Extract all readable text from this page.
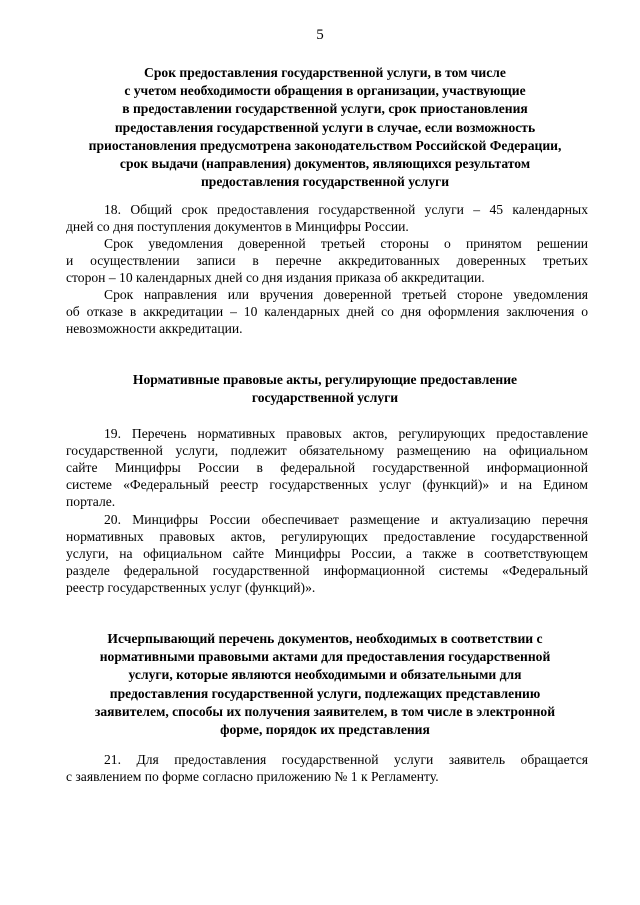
5
Срок предоставления государственной услуги, в том числе
с учетом необходимости обращения в организации, участвующие
в предоставлении государственной услуги, срок приостановления
предоставления государственной услуги в случае, если возможность
приостановления предусмотрена законодательством Российской Федерации,
срок выдачи (направления) документов, являющихся результатом
предоставления государственной услуги
18. Общий срок предоставления государственной услуги – 45 календарных
дней со дня поступления документов в Минцифры России.
Срок уведомления доверенной третьей стороны о принятом решении
и осуществлении записи в перечне аккредитованных доверенных третьих
сторон – 10 календарных дней со дня издания приказа об аккредитации.
Срок направления или вручения доверенной третьей стороне уведомления
об отказе в аккредитации – 10 календарных дней со дня оформления заключения о
невозможности аккредитации.
Нормативные правовые акты, регулирующие предоставление
государственной услуги
19. Перечень нормативных правовых актов, регулирующих предоставление
государственной услуги, подлежит обязательному размещению на официальном
сайте Минцифры России в федеральной государственной информационной
системе «Федеральный реестр государственных услуг (функций)» и на Едином
портале.
20. Минцифры России обеспечивает размещение и актуализацию перечня
нормативных правовых актов, регулирующих предоставление государственной
услуги, на официальном сайте Минцифры России, а также в соответствующем
разделе федеральной государственной информационной системы «Федеральный
реестр государственных услуг (функций)».
Исчерпывающий перечень документов, необходимых в соответствии с
нормативными правовыми актами для предоставления государственной
услуги, которые являются необходимыми и обязательными для
предоставления государственной услуги, подлежащих представлению
заявителем, способы их получения заявителем, в том числе в электронной
форме, порядок их представления
21. Для предоставления государственной услуги заявитель обращается
с заявлением по форме согласно приложению № 1 к Регламенту.
